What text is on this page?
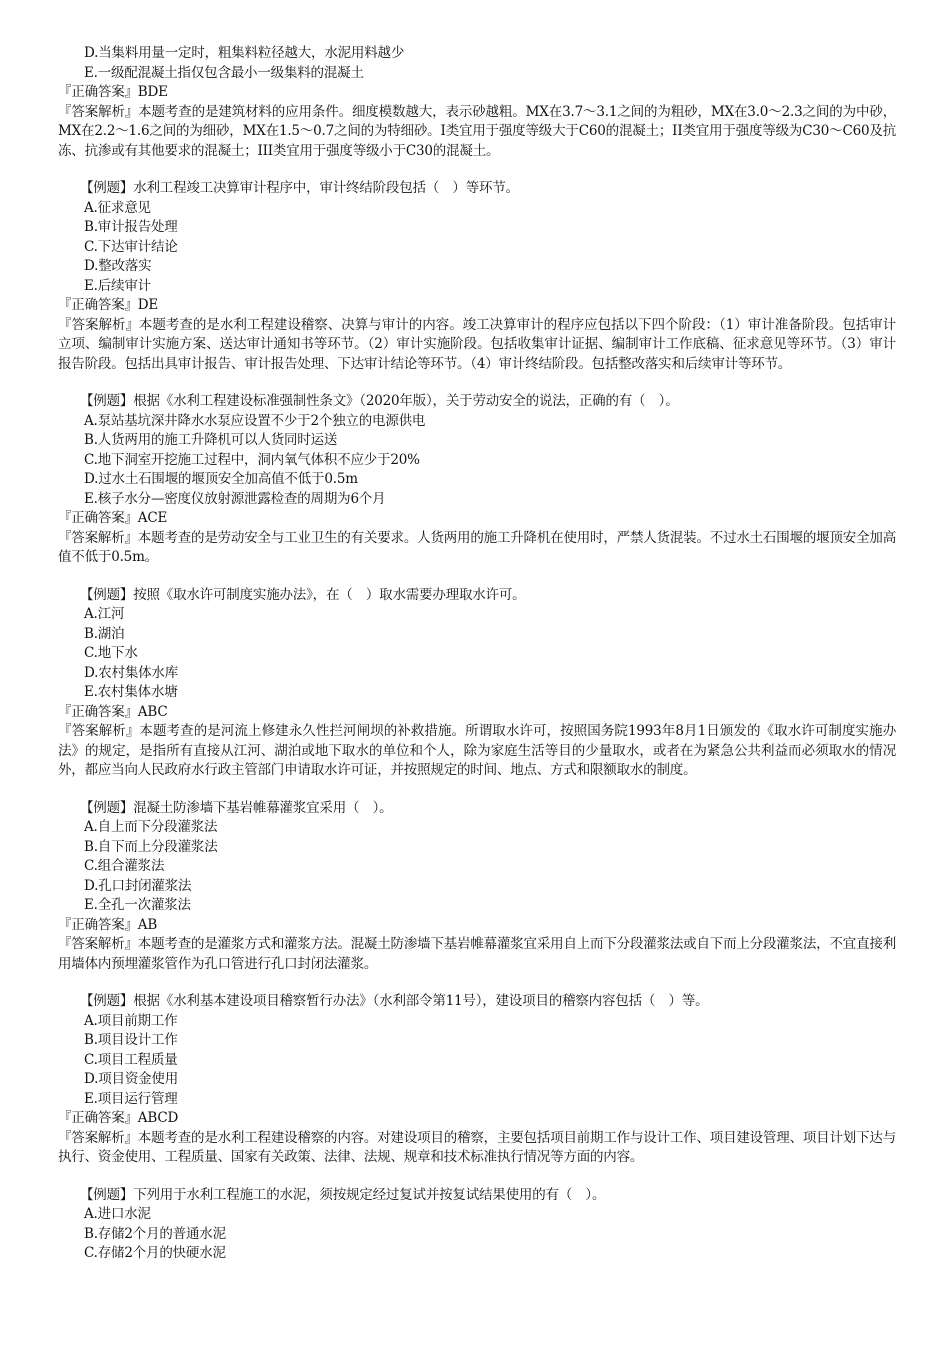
D.当集料用量一定时，粗集料粒径越大，水泥用料越少
E.一级配混凝土指仅包含最小一级集料的混凝土
『正确答案』BDE
『答案解析』本题考查的是建筑材料的应用条件。细度模数越大，表示砂越粗。MX在3.7～3.1之间的为粗砂，MX在3.0～2.3之间的为中砂，MX在2.2～1.6之间的为细砂，MX在1.5～0.7之间的为特细砂。I类宜用于强度等级大于C60的混凝土；II类宜用于强度等级为C30～C60及抗冻、抗渗或有其他要求的混凝土；III类宜用于强度等级小于C30的混凝土。
【例题】水利工程竣工决算审计程序中，审计终结阶段包括（　）等环节。
A.征求意见
B.审计报告处理
C.下达审计结论
D.整改落实
E.后续审计
『正确答案』DE
『答案解析』本题考查的是水利工程建设稽察、决算与审计的内容。竣工决算审计的程序应包括以下四个阶段：（1）审计准备阶段。包括审计立项、编制审计实施方案、送达审计通知书等环节。（2）审计实施阶段。包括收集审计证据、编制审计工作底稿、征求意见等环节。（3）审计报告阶段。包括出具审计报告、审计报告处理、下达审计结论等环节。（4）审计终结阶段。包括整改落实和后续审计等环节。
【例题】根据《水利工程建设标准强制性条文》（2020年版），关于劳动安全的说法，正确的有（　）。
A.泵站基坑深井降水水泵应设置不少于2个独立的电源供电
B.人货两用的施工升降机可以人货同时运送
C.地下洞室开挖施工过程中，洞内氧气体积不应少于20%
D.过水土石围堰的堰顶安全加高值不低于0.5m
E.核子水分—密度仪放射源泄露检查的周期为6个月
『正确答案』ACE
『答案解析』本题考查的是劳动安全与工业卫生的有关要求。人货两用的施工升降机在使用时，严禁人货混装。不过水土石围堰的堰顶安全加高值不低于0.5m。
【例题】按照《取水许可制度实施办法》，在（　）取水需要办理取水许可。
A.江河
B.湖泊
C.地下水
D.农村集体水库
E.农村集体水塘
『正确答案』ABC
『答案解析』本题考查的是河流上修建永久性拦河闸坝的补救措施。所谓取水许可，按照国务院1993年8月1日颁发的《取水许可制度实施办法》的规定，是指所有直接从江河、湖泊或地下取水的单位和个人，除为家庭生活等目的少量取水，或者在为紧急公共利益而必须取水的情况外，都应当向人民政府水行政主管部门申请取水许可证，并按照规定的时间、地点、方式和限额取水的制度。
【例题】混凝土防渗墙下基岩帷幕灌浆宜采用（　）。
A.自上而下分段灌浆法
B.自下而上分段灌浆法
C.组合灌浆法
D.孔口封闭灌浆法
E.全孔一次灌浆法
『正确答案』AB
『答案解析』本题考查的是灌浆方式和灌浆方法。混凝土防渗墙下基岩帷幕灌浆宜采用自上而下分段灌浆法或自下而上分段灌浆法，不宜直接利用墙体内预埋灌浆管作为孔口管进行孔口封闭法灌浆。
【例题】根据《水利基本建设项目稽察暂行办法》（水利部令第11号），建设项目的稽察内容包括（　）等。
A.项目前期工作
B.项目设计工作
C.项目工程质量
D.项目资金使用
E.项目运行管理
『正确答案』ABCD
『答案解析』本题考查的是水利工程建设稽察的内容。对建设项目的稽察，主要包括项目前期工作与设计工作、项目建设管理、项目计划下达与执行、资金使用、工程质量、国家有关政策、法律、法规、规章和技术标准执行情况等方面的内容。
【例题】下列用于水利工程施工的水泥，须按规定经过复试并按复试结果使用的有（　）。
A.进口水泥
B.存储2个月的普通水泥
C.存储2个月的快硬水泥
